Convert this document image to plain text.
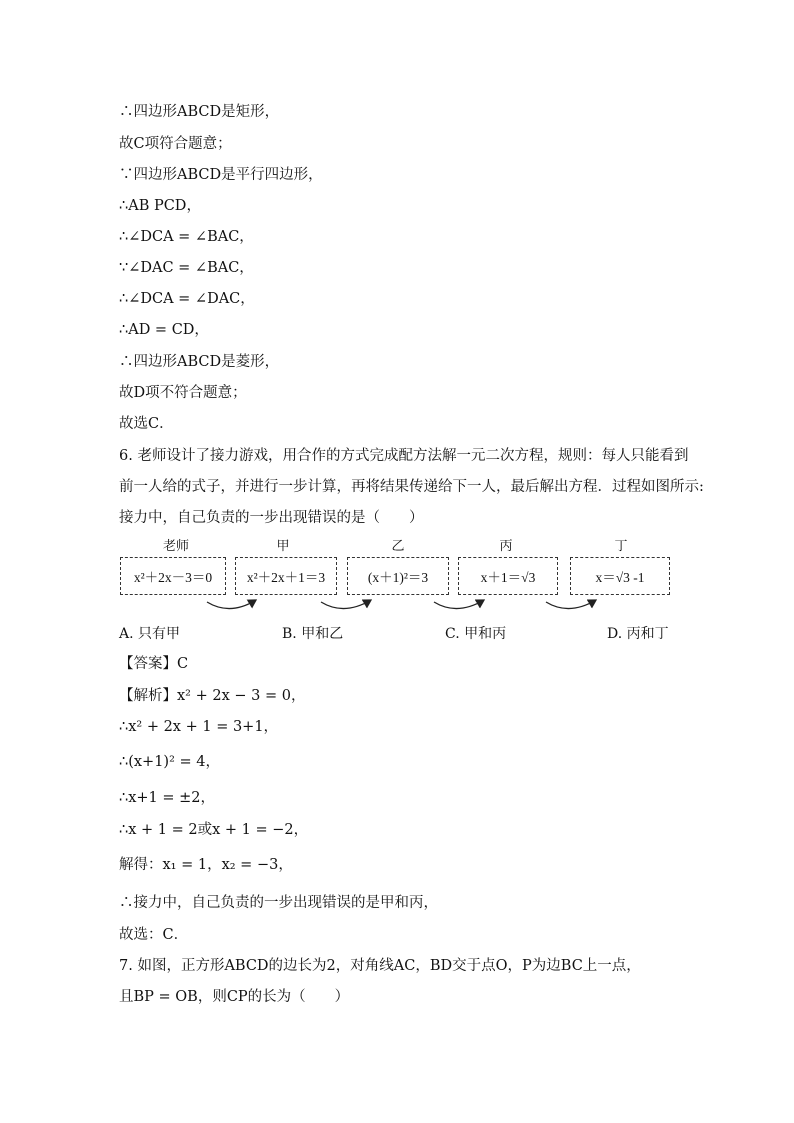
∴四边形ABCD是矩形，
故C项符合题意；
∵四边形ABCD是平行四边形，
∴AB PCD，
∴∠DCA = ∠BAC，
∵∠DAC = ∠BAC，
∴∠DCA = ∠DAC，
∴AD = CD，
∴四边形ABCD是菱形，
故D项不符合题意；
故选C．
6. 老师设计了接力游戏，用合作的方式完成配方法解一元二次方程，规则：每人只能看到
前一人给的式子，并进行一步计算，再将结果传递给下一人，最后解出方程．过程如图所示:
接力中，自己负责的一步出现错误的是（　　）
老师	甲	乙	丙	丁
x²＋2x－3＝0	x²＋2x＋1＝3	(x＋1)²＝3	x＋1＝√3	x＝√3 -1
A. 只有甲	B. 甲和乙	C. 甲和丙	D. 丙和丁
【答案】C
【解析】x² + 2x − 3 = 0，
∴x² + 2x + 1 = 3+1，
∴(x+1)² = 4，
∴x+1 = ±2，
∴x + 1 = 2或x + 1 = −2，
解得：x₁ = 1，x₂ = −3，
∴接力中，自己负责的一步出现错误的是甲和丙，
故选：C．
7. 如图，正方形ABCD的边长为2，对角线AC，BD交于点O，P为边BC上一点，
且BP = OB，则CP的长为（　　）
